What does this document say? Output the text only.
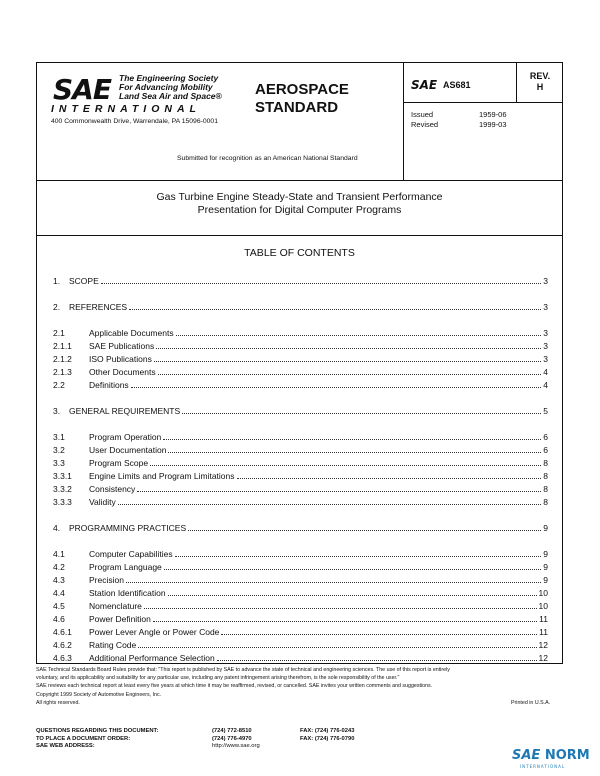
SAE The Engineering Society
For Advancing Mobility
Land Sea Air and Space®
INTERNATIONAL
400 Commonwealth Drive, Warrendale, PA 15096-0001
AEROSPACE
STANDARD
Submitted for recognition as an American National Standard
SAE AS681
REV.
H
Issued	1959-06
Revised	1999-03
Gas Turbine Engine Steady-State and Transient Performance
Presentation for Digital Computer Programs
TABLE OF CONTENTS
1.	SCOPE	3
2.	REFERENCES	3
2.1	Applicable Documents	3
2.1.1	SAE Publications	3
2.1.2	ISO Publications	3
2.1.3	Other Documents	4
2.2	Definitions	4
3.	GENERAL REQUIREMENTS	5
3.1	Program Operation	6
3.2	User Documentation	6
3.3	Program Scope	8
3.3.1	Engine Limits and Program Limitations	8
3.3.2	Consistency	8
3.3.3	Validity	8
4.	PROGRAMMING PRACTICES	9
4.1	Computer Capabilities	9
4.2	Program Language	9
4.3	Precision	9
4.4	Station Identification	10
4.5	Nomenclature	10
4.6	Power Definition	11
4.6.1	Power Lever Angle or Power Code	11
4.6.2	Rating Code	12
4.6.3	Additional Performance Selection	12
SAE Technical Standards Board Rules provide that: "This report is published by SAE to advance the state of technical and engineering sciences. The use of this report is entirely
voluntary, and its applicability and suitability for any particular use, including any patent infringement arising therefrom, is the sole responsibility of the user."
SAE reviews each technical report at least every five years at which time it may be reaffirmed, revised, or cancelled. SAE invites your written comments and suggestions.
Copyright 1999 Society of Automotive Engineers, Inc.
All rights reserved.	Printed in U.S.A.
QUESTIONS REGARDING THIS DOCUMENT:	(724) 772-8510	FAX: (724) 776-0243
TO PLACE A DOCUMENT ORDER:	(724) 776-4970	FAX: (724) 776-0790
SAE WEB ADDRESS:	http://www.sae.org
SAE NORM
INTERNATIONAL
